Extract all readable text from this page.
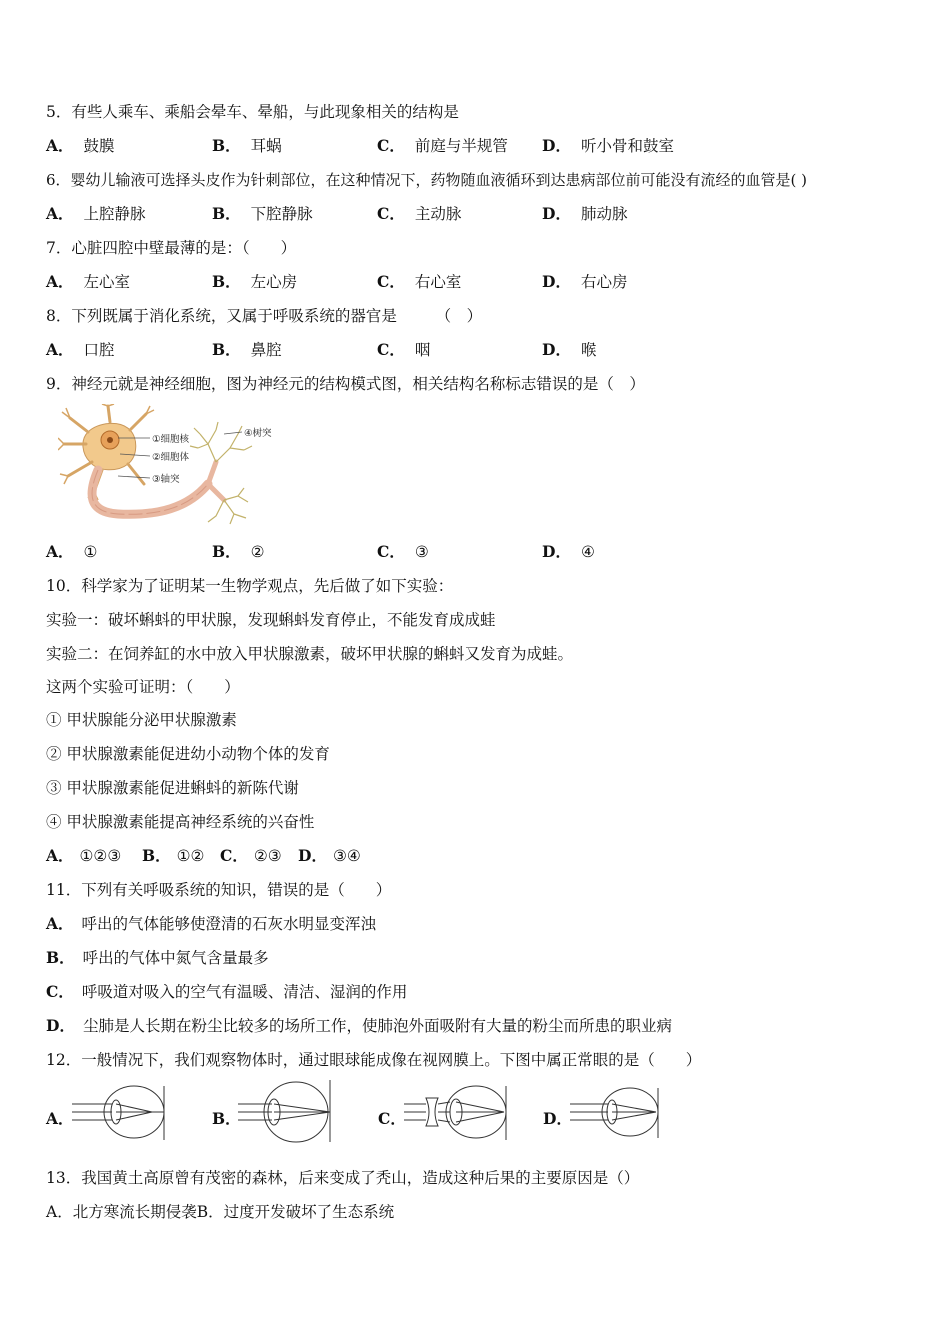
5．有些人乘车、乘船会晕车、晕船，与此现象相关的结构是
A． 鼓膜	B． 耳蜗	C． 前庭与半规管 D． 听小骨和鼓室
6．婴幼儿输液可选择头皮作为针刺部位，在这种情况下，药物随血液循环到达患病部位前可能没有流经的血管是( )
A． 上腔静脉	B． 下腔静脉	C． 主动脉	D． 肺动脉
7．心脏四腔中壁最薄的是：（　　）
A． 左心室	B． 左心房	C． 右心室	D． 右心房
8．下列既属于消化系统，又属于呼吸系统的器官是　　　（　）
A． 口腔	B． 鼻腔	C． 咽	D． 喉
9．神经元就是神经细胞，图为神经元的结构模式图，相关结构名称标志错误的是（　）
①细胞核
②细胞体
③轴突
④树突
A． ①	B． ②	C． ③	D． ④
10．科学家为了证明某一生物学观点，先后做了如下实验：
实验一：破坏蝌蚪的甲状腺，发现蝌蚪发育停止，不能发育成成蛙
实验二：在饲养缸的水中放入甲状腺激素，破坏甲状腺的蝌蚪又发育为成蛙。
这两个实验可证明：（　　）
① 甲状腺能分泌甲状腺激素
② 甲状腺激素能促进幼小动物个体的发育
③ 甲状腺激素能促进蝌蚪的新陈代谢
④ 甲状腺激素能提高神经系统的兴奋性
A． ①②③ B． ①② C． ②③ D． ③④
11．下列有关呼吸系统的知识，错误的是（　　）
A． 呼出的气体能够使澄清的石灰水明显变浑浊
B． 呼出的气体中氮气含量最多
C． 呼吸道对吸入的空气有温暖、清洁、湿润的作用
D． 尘肺是人长期在粉尘比较多的场所工作，使肺泡外面吸附有大量的粉尘而所患的职业病
12．一般情况下，我们观察物体时，通过眼球能成像在视网膜上。下图中属正常眼的是（　　）
A．	B．	C．	D．
13．我国黄土高原曾有茂密的森林，后来变成了秃山，造成这种后果的主要原因是（）
A．北方寒流长期侵袭B．过度开发破坏了生态系统
